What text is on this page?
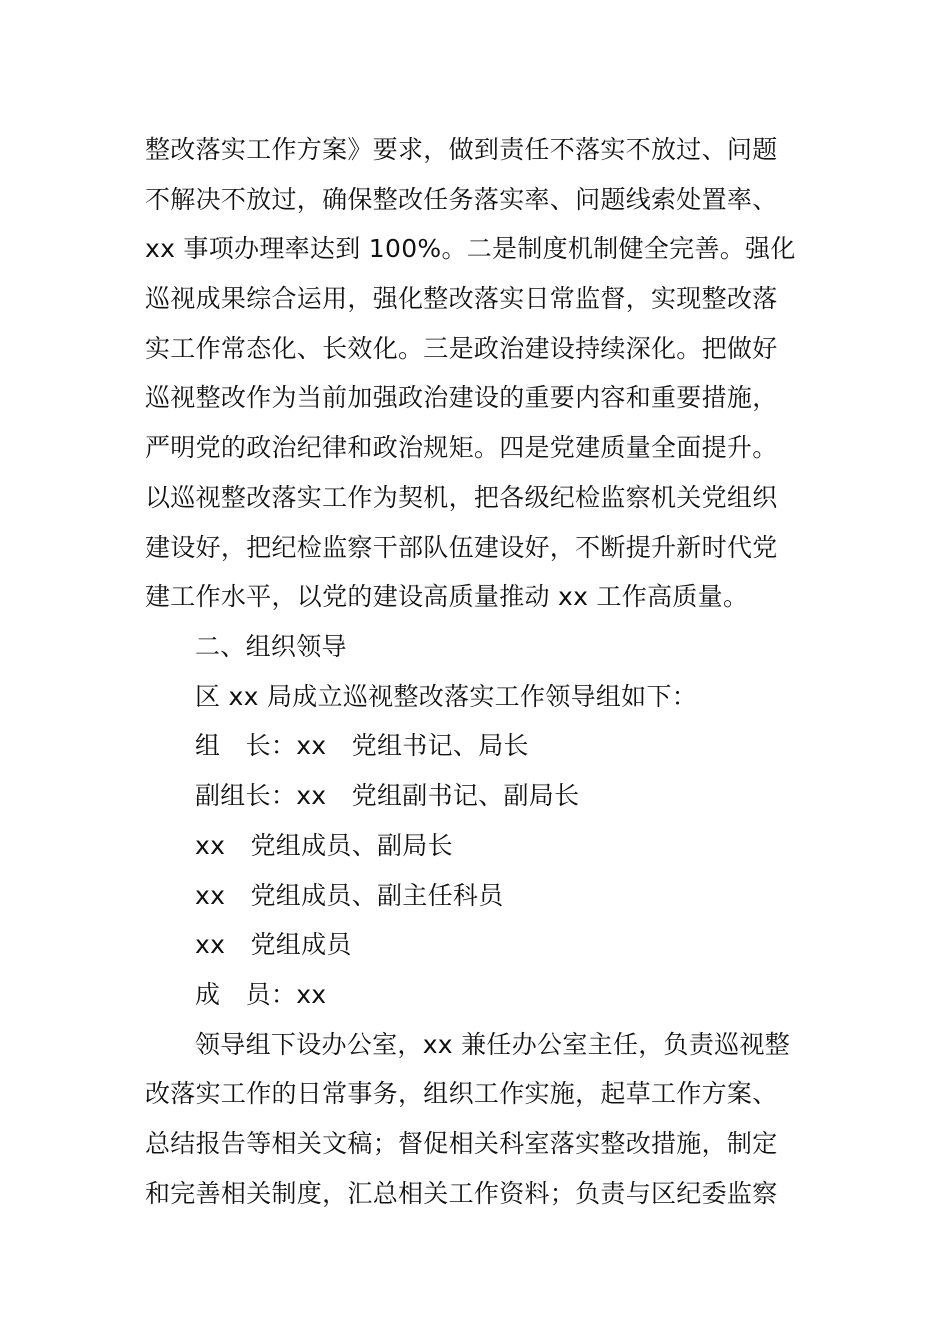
整改落实工作方案》要求，做到责任不落实不放过、问题
不解决不放过，确保整改任务落实率、问题线索处置率、
xx 事项办理率达到 100%。二是制度机制健全完善。强化
巡视成果综合运用，强化整改落实日常监督，实现整改落
实工作常态化、长效化。三是政治建设持续深化。把做好
巡视整改作为当前加强政治建设的重要内容和重要措施，
严明党的政治纪律和政治规矩。四是党建质量全面提升。
以巡视整改落实工作为契机，把各级纪检监察机关党组织
建设好，把纪检监察干部队伍建设好，不断提升新时代党
建工作水平，以党的建设高质量推动 xx 工作高质量。
二、组织领导
区 xx 局成立巡视整改落实工作领导组如下：
组　长：xx　党组书记、局长
副组长：xx　党组副书记、副局长
xx　党组成员、副局长
xx　党组成员、副主任科员
xx　党组成员
成　员：xx
领导组下设办公室，xx 兼任办公室主任，负责巡视整
改落实工作的日常事务，组织工作实施，起草工作方案、
总结报告等相关文稿；督促相关科室落实整改措施，制定
和完善相关制度，汇总相关工作资料；负责与区纪委监察
